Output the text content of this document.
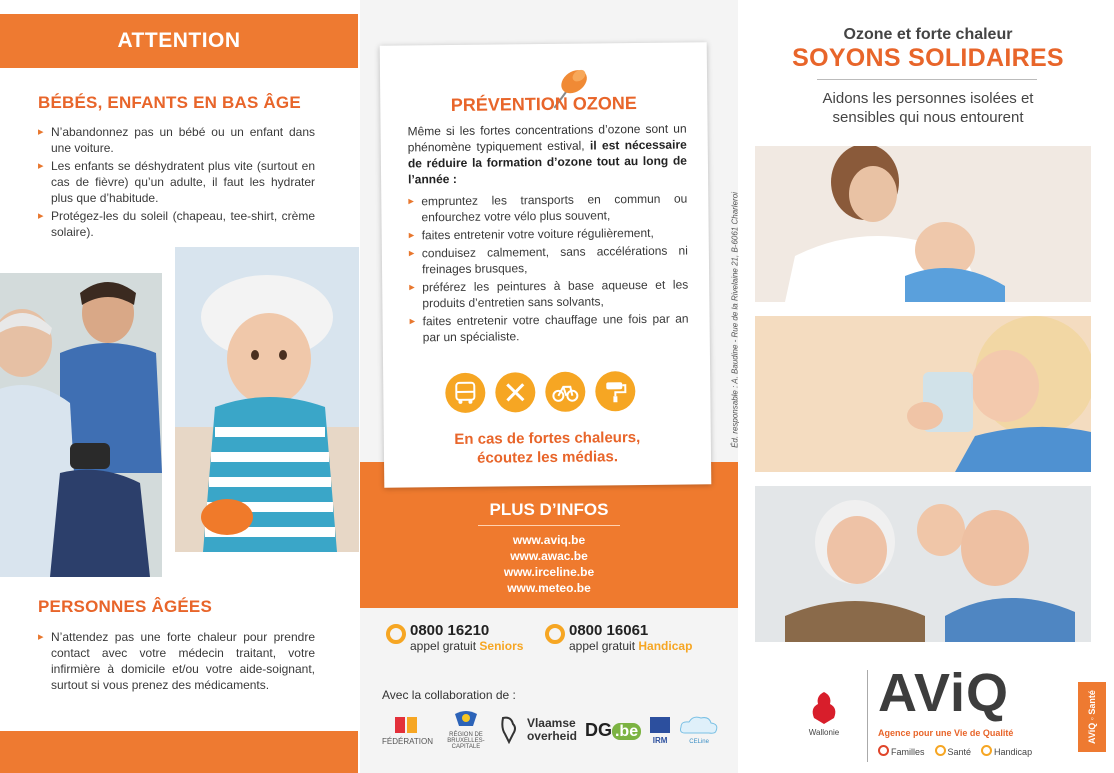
ATTENTION
BÉBÉS, ENFANTS EN BAS ÂGE
▸ N’abandonnez pas un bébé ou un enfant dans une voiture.
▸ Les enfants se déshydratent plus vite (surtout en cas de fièvre) qu’un adulte, il faut les hydrater plus que d’habitude.
▸ Protégez-les du soleil (chapeau, tee-shirt, crème solaire).
PERSONNES ÂGÉES
▸ N’attendez pas une forte chaleur pour prendre contact avec votre médecin traitant, votre infirmière à domicile et/ou votre aide-soignant, surtout si vous prenez des médicaments.
PLUS D’INFOS
www.aviq.be
www.awac.be
www.irceline.be
www.meteo.be
PRÉVENTION OZONE

Même si les fortes concentrations d’ozone sont un phénomène typiquement estival, il est nécessaire de réduire la formation d’ozone tout au long de l’année :

▸ empruntez les transports en commun ou enfourchez votre vélo plus souvent,
▸ faites entretenir votre voiture régulièrement,
▸ conduisez calmement, sans accélérations ni freinages brusques,
▸ préférez les peintures à base aqueuse et les produits d’entretien sans solvants,
▸ faites entretenir votre chauffage une fois par an par un spécialiste.
En cas de fortes chaleurs,
écoutez les médias.
0800 16210
appel gratuit Seniors
0800 16061
appel gratuit Handicap
Avec la collaboration de :
FÉDÉRATION
RÉGION DE BRUXELLES-CAPITALE
Vlaamse
overheid DG .be
IRM	CELine
Éd. responsable : A. Baudine - Rue de la Rivelaine 21, B-6061 Charleroi
Ozone et forte chaleur
SOYONS SOLIDAIRES
Aidons les personnes isolées et
sensibles qui nous entourent
Wallonie
AViQ
Agence pour une Vie de Qualité
Familles	Santé	Handicap
AViQ ◦ Santé
